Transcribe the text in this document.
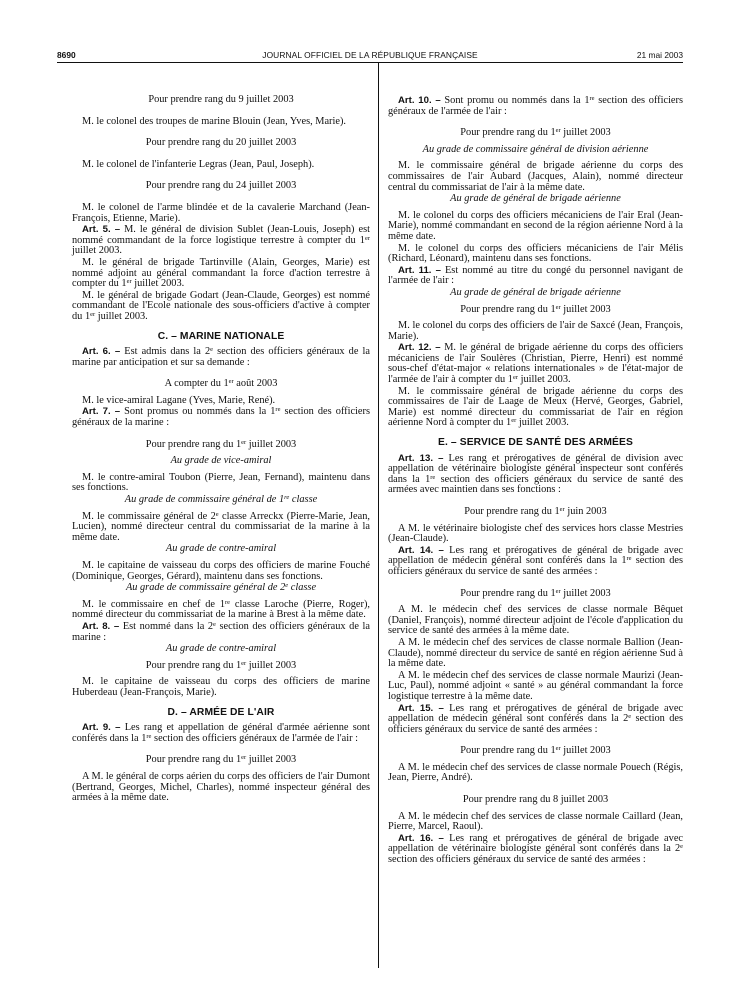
8690	JOURNAL OFFICIEL DE LA RÉPUBLIQUE FRANÇAISE	21 mai 2003
Pour prendre rang du 9 juillet 2003
M. le colonel des troupes de marine Blouin (Jean, Yves, Marie).
Pour prendre rang du 20 juillet 2003
M. le colonel de l'infanterie Legras (Jean, Paul, Joseph).
Pour prendre rang du 24 juillet 2003
M. le colonel de l'arme blindée et de la cavalerie Marchand (Jean-François, Etienne, Marie).
Art. 5. – M. le général de division Sublet (Jean-Louis, Joseph) est nommé commandant de la force logistique terrestre à compter du 1er juillet 2003.
M. le général de brigade Tartinville (Alain, Georges, Marie) est nommé adjoint au général commandant la force d'action terrestre à compter du 1er juillet 2003.
M. le général de brigade Godart (Jean-Claude, Georges) est nommé commandant de l'Ecole nationale des sous-officiers d'active à compter du 1er juillet 2003.
C. – MARINE NATIONALE
Art. 6. – Est admis dans la 2e section des officiers généraux de la marine par anticipation et sur sa demande :
A compter du 1er août 2003
M. le vice-amiral Lagane (Yves, Marie, René).
Art. 7. – Sont promus ou nommés dans la 1re section des officiers généraux de la marine :
Pour prendre rang du 1er juillet 2003
Au grade de vice-amiral
M. le contre-amiral Toubon (Pierre, Jean, Fernand), maintenu dans ses fonctions.
Au grade de commissaire général de 1re classe
M. le commissaire général de 2e classe Arreckx (Pierre-Marie, Jean, Lucien), nommé directeur central du commissariat de la marine à la même date.
Au grade de contre-amiral
M. le capitaine de vaisseau du corps des officiers de marine Fouché (Dominique, Georges, Gérard), maintenu dans ses fonctions.
Au grade de commissaire général de 2e classe
M. le commissaire en chef de 1re classe Laroche (Pierre, Roger), nommé directeur du commissariat de la marine à Brest à la même date.
Art. 8. – Est nommé dans la 2e section des officiers généraux de la marine :
Au grade de contre-amiral
Pour prendre rang du 1er juillet 2003
M. le capitaine de vaisseau du corps des officiers de marine Huberdeau (Jean-François, Marie).
D. – ARMÉE DE L'AIR
Art. 9. – Les rang et appellation de général d'armée aérienne sont conférés dans la 1re section des officiers généraux de l'armée de l'air :
Pour prendre rang du 1er juillet 2003
A M. le général de corps aérien du corps des officiers de l'air Dumont (Bertrand, Georges, Michel, Charles), nommé inspecteur général des armées à la même date.
Art. 10. – Sont promu ou nommés dans la 1re section des officiers généraux de l'armée de l'air :
Pour prendre rang du 1er juillet 2003
Au grade de commissaire général de division aérienne
M. le commissaire général de brigade aérienne du corps des commissaires de l'air Aubard (Jacques, Alain), nommé directeur central du commissariat de l'air à la même date.
Au grade de général de brigade aérienne
M. le colonel du corps des officiers mécaniciens de l'air Eral (Jean-Marie), nommé commandant en second de la région aérienne Nord à la même date.
M. le colonel du corps des officiers mécaniciens de l'air Mélis (Richard, Léonard), maintenu dans ses fonctions.
Art. 11. – Est nommé au titre du congé du personnel navigant de l'armée de l'air :
Au grade de général de brigade aérienne
Pour prendre rang du 1er juillet 2003
M. le colonel du corps des officiers de l'air de Saxcé (Jean, François, Marie).
Art. 12. – M. le général de brigade aérienne du corps des officiers mécaniciens de l'air Soulères (Christian, Pierre, Henri) est nommé sous-chef d'état-major « relations internationales » de l'état-major de l'armée de l'air à compter du 1er juillet 2003.
M. le commissaire général de brigade aérienne du corps des commissaires de l'air de Laage de Meux (Hervé, Georges, Gabriel, Marie) est nommé directeur du commissariat de l'air en région aérienne Nord à compter du 1er juillet 2003.
E. – SERVICE DE SANTÉ DES ARMÉES
Art. 13. – Les rang et prérogatives de général de division avec appellation de vétérinaire biologiste général inspecteur sont conférés dans la 1re section des officiers généraux du service de santé des armées avec maintien dans ses fonctions :
Pour prendre rang du 1er juin 2003
A M. le vétérinaire biologiste chef des services hors classe Mestries (Jean-Claude).
Art. 14. – Les rang et prérogatives de général de brigade avec appellation de médecin général sont conférés dans la 1re section des officiers généraux du service de santé des armées :
Pour prendre rang du 1er juillet 2003
A M. le médecin chef des services de classe normale Bêquet (Daniel, François), nommé directeur adjoint de l'école d'application du service de santé des armées à la même date.
A M. le médecin chef des services de classe normale Ballion (Jean-Claude), nommé directeur du service de santé en région aérienne Sud à la même date.
A M. le médecin chef des services de classe normale Maurizi (Jean-Luc, Paul), nommé adjoint « santé » au général commandant la force logistique terrestre à la même date.
Art. 15. – Les rang et prérogatives de général de brigade avec appellation de médecin général sont conférés dans la 2e section des officiers généraux du service de santé des armées :
Pour prendre rang du 1er juillet 2003
A M. le médecin chef des services de classe normale Pouech (Régis, Jean, Pierre, André).
Pour prendre rang du 8 juillet 2003
A M. le médecin chef des services de classe normale Caillard (Jean, Pierre, Marcel, Raoul).
Art. 16. – Les rang et prérogatives de général de brigade avec appellation de vétérinaire biologiste général sont conférés dans la 2e section des officiers généraux du service de santé des armées :
